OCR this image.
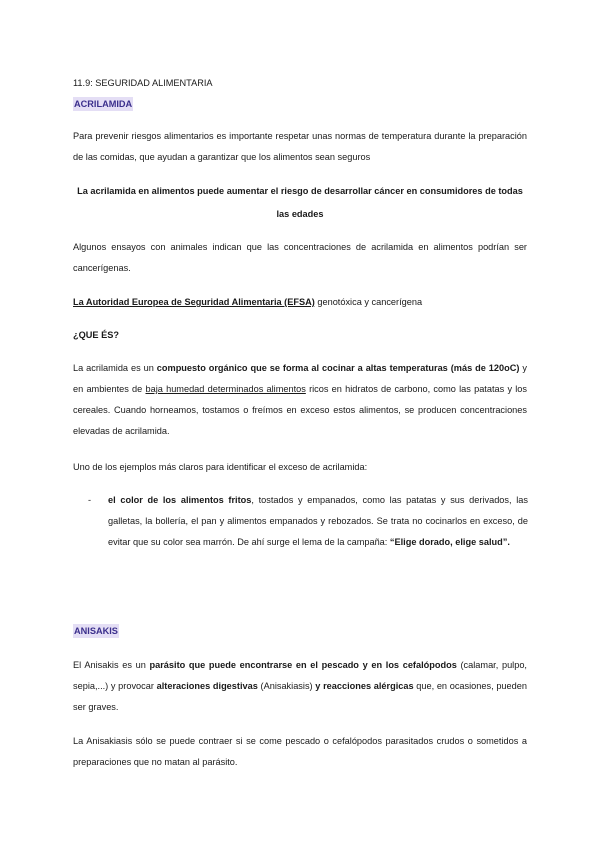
11.9: SEGURIDAD ALIMENTARIA
ACRILAMIDA
Para prevenir riesgos alimentarios es importante respetar unas normas de temperatura durante la preparación de las comidas, que ayudan a garantizar que los alimentos sean seguros
La acrilamida en alimentos puede aumentar el riesgo de desarrollar cáncer en consumidores de todas las edades
Algunos ensayos con animales indican que las concentraciones de acrilamida en alimentos podrían ser cancerígenas.
La Autoridad Europea de Seguridad Alimentaria (EFSA) genotóxica y cancerígena
¿QUE ÉS?
La acrilamida es un compuesto orgánico que se forma al cocinar a altas temperaturas (más de 120oC) y en ambientes de baja humedad determinados alimentos ricos en hidratos de carbono, como las patatas y los cereales. Cuando horneamos, tostamos o freímos en exceso estos alimentos, se producen concentraciones elevadas de acrilamida.
Uno de los ejemplos más claros para identificar el exceso de acrilamida:
- el color de los alimentos fritos, tostados y empanados, como las patatas y sus derivados, las galletas, la bollería, el pan y alimentos empanados y rebozados. Se trata no cocinarlos en exceso, de evitar que su color sea marrón. De ahí surge el lema de la campaña: “Elige dorado, elige salud”.
ANISAKIS
El Anisakis es un parásito que puede encontrarse en el pescado y en los cefalópodos (calamar, pulpo, sepia,...) y provocar alteraciones digestivas (Anisakiasis) y reacciones alérgicas que, en ocasiones, pueden ser graves.
La Anisakiasis sólo se puede contraer si se come pescado o cefalópodos parasitados crudos o sometidos a preparaciones que no matan al parásito.
